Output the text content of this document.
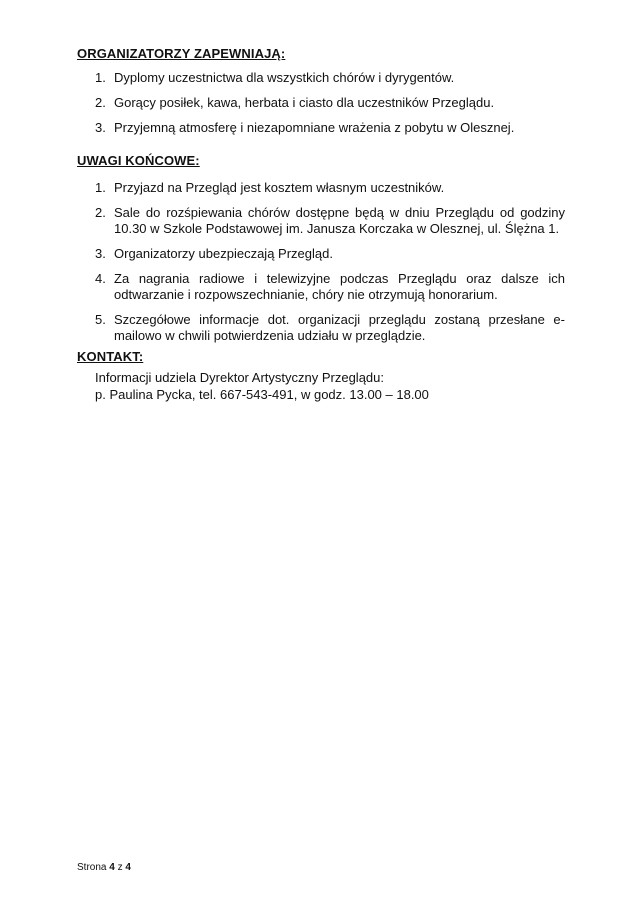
ORGANIZATORZY ZAPEWNIAJĄ:

1. Dyplomy uczestnictwa dla wszystkich chórów i dyrygentów.
2. Gorący posiłek, kawa, herbata i ciasto dla uczestników Przeglądu.
3. Przyjemną atmosferę i niezapomniane wrażenia z pobytu w Olesznej.

UWAGI KOŃCOWE:

1. Przyjazd na Przegląd jest kosztem własnym uczestników.
2. Sale do rozśpiewania chórów dostępne będą w dniu Przeglądu od godziny 10.30 w Szkole Podstawowej im. Janusza Korczaka w Olesznej, ul. Ślężna 1.
3. Organizatorzy ubezpieczają Przegląd.
4. Za nagrania radiowe i telewizyjne podczas Przeglądu oraz dalsze ich odtwarzanie i rozpowszechnianie, chóry nie otrzymują honorarium.
5. Szczegółowe informacje dot. organizacji przeglądu zostaną przesłane e-mailowo w chwili potwierdzenia udziału w przeglądzie.

KONTAKT:

Informacji udziela Dyrektor Artystyczny Przeglądu:
p. Paulina Pycka, tel. 667-543-491, w godz. 13.00 – 18.00
Strona 4 z 4
